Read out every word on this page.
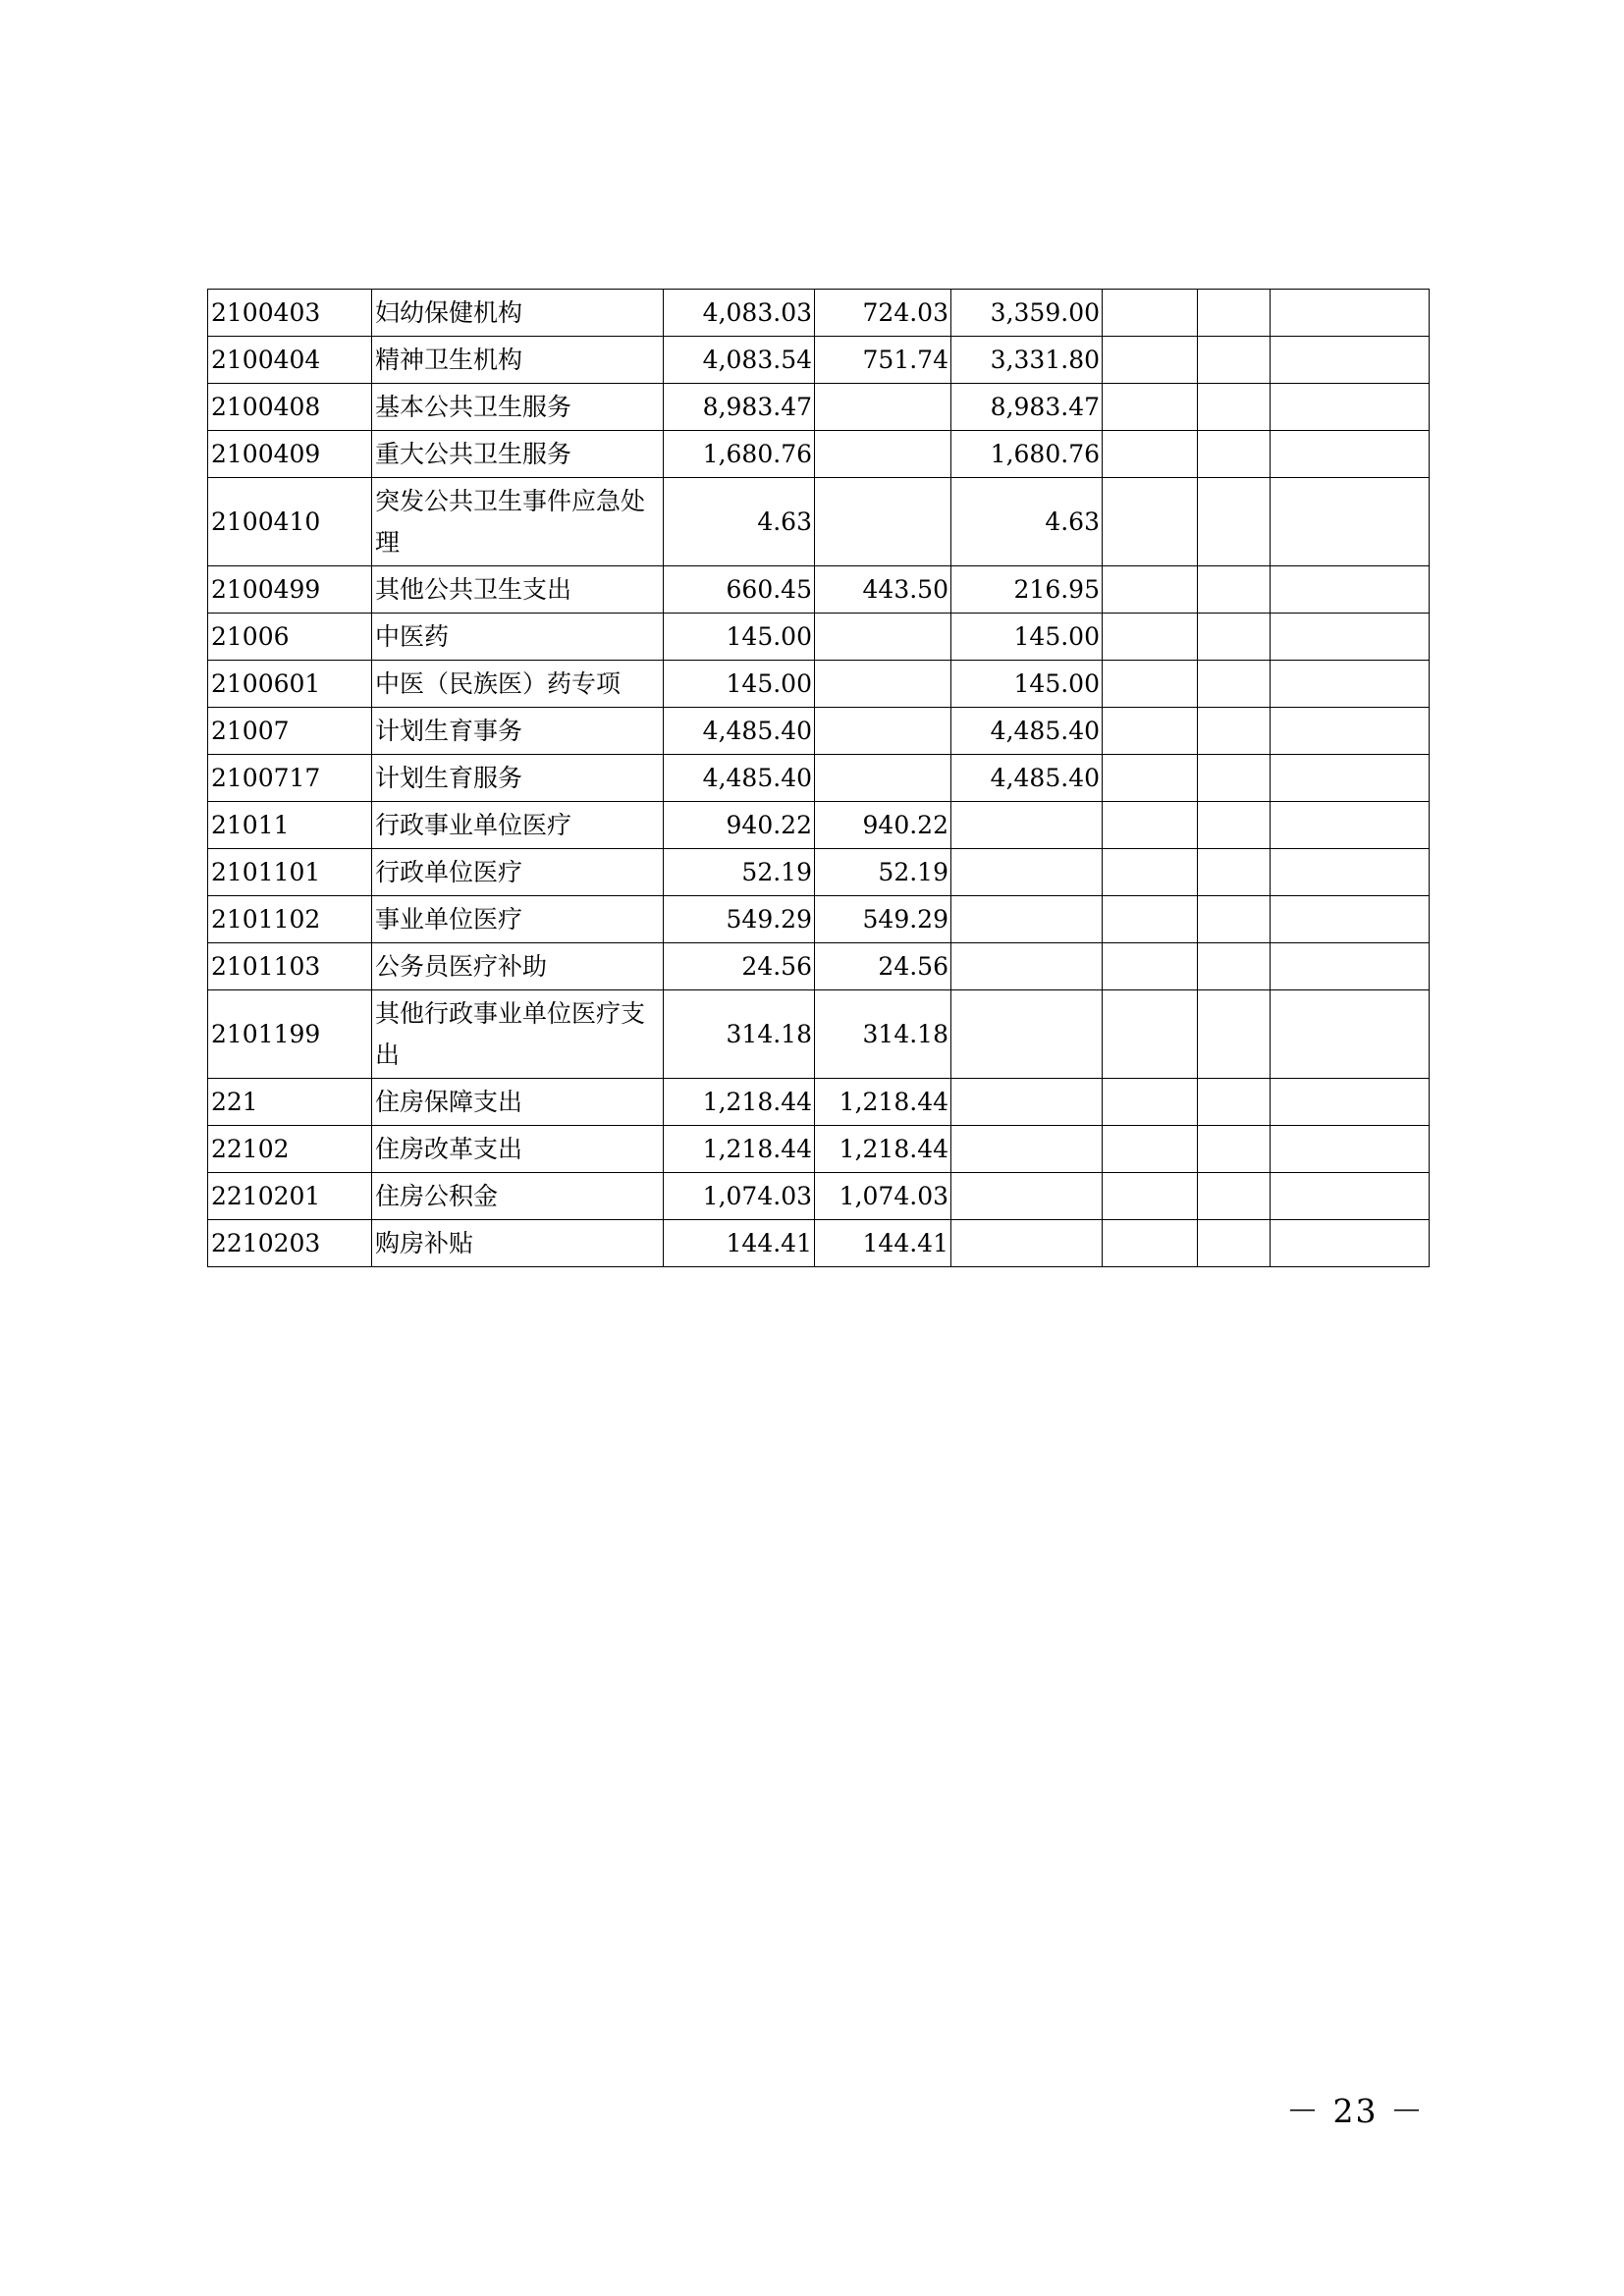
2100403	妇幼保健机构	4,083.03	724.03	3,359.00			
2100404	精神卫生机构	4,083.54	751.74	3,331.80			
2100408	基本公共卫生服务	8,983.47		8,983.47			
2100409	重大公共卫生服务	1,680.76		1,680.76			
2100410	突发公共卫生事件应急处理	4.63		4.63			
2100499	其他公共卫生支出	660.45	443.50	216.95			
21006	中医药	145.00		145.00			
2100601	中医（民族医）药专项	145.00		145.00			
21007	计划生育事务	4,485.40		4,485.40			
2100717	计划生育服务	4,485.40		4,485.40			
21011	行政事业单位医疗	940.22	940.22				
2101101	行政单位医疗	52.19	52.19				
2101102	事业单位医疗	549.29	549.29				
2101103	公务员医疗补助	24.56	24.56				
2101199	其他行政事业单位医疗支出	314.18	314.18				
221	住房保障支出	1,218.44	1,218.44				
22102	住房改革支出	1,218.44	1,218.44				
2210201	住房公积金	1,074.03	1,074.03				
2210203	购房补贴	144.41	144.41				
－ 23 －
